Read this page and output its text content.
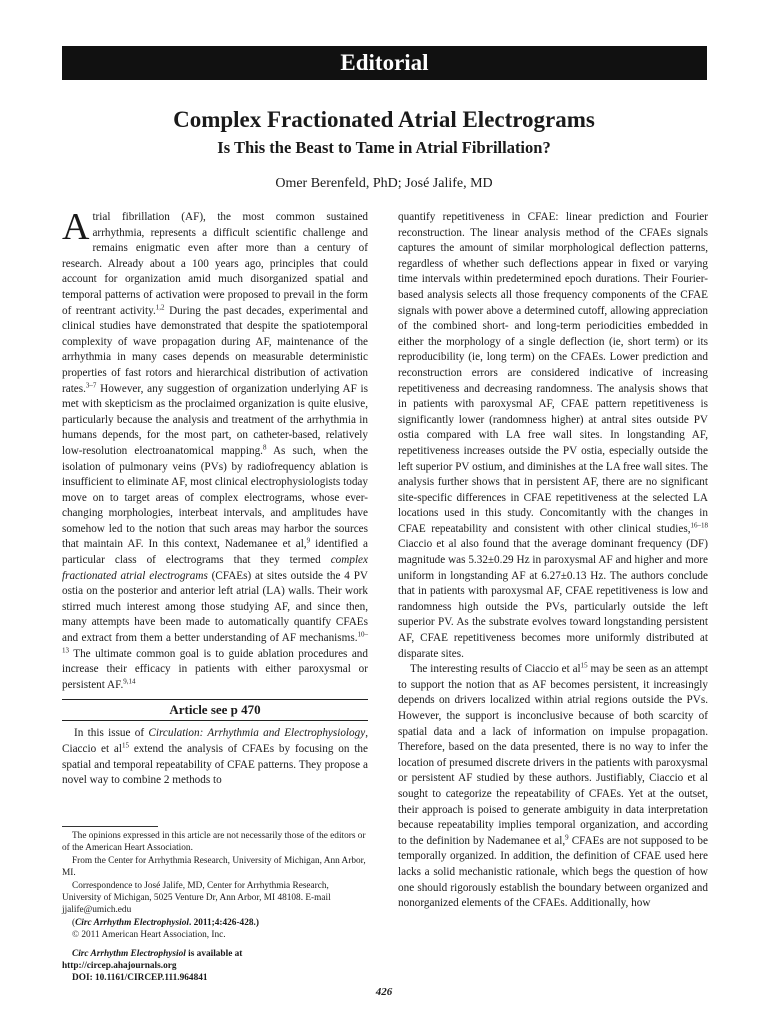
Editorial
Complex Fractionated Atrial Electrograms
Is This the Beast to Tame in Atrial Fibrillation?
Omer Berenfeld, PhD; José Jalife, MD

Atrial fibrillation (AF), the most common sustained arrhythmia, represents a difficult scientific challenge and remains enigmatic even after more than a century of research. Already about a 100 years ago, principles that could account for organization amid much disorganized spatial and temporal patterns of activation were proposed to prevail in the form of reentrant activity.$^{1,2}$ During the past decades, experimental and clinical studies have demonstrated that despite the spatiotemporal complexity of wave propagation during AF, maintenance of the arrhythmia in many cases depends on measurable deterministic properties of fast rotors and hierarchical distribution of activation rates.$^{3-7}$ However, any suggestion of organization underlying AF is met with skepticism as the proclaimed organization is quite elusive, particularly because the analysis and treatment of the arrhythmia in humans depends, for the most part, on catheter-based, relatively low-resolution electroanatomical mapping.$^8$ As such, when the isolation of pulmonary veins (PVs) by radiofrequency ablation is insufficient to eliminate AF, most clinical electrophysiologists today move on to target areas of complex electrograms, whose ever-changing morphologies, interbeat intervals, and amplitudes have somehow led to the notion that such areas may harbor the sources that maintain AF. In this context, Nademanee et al,$^9$ identified a particular class of electrograms that they termed complex fractionated atrial electrograms (CFAEs) at sites outside the 4 PV ostia on the posterior and anterior left atrial (LA) walls. Their work stirred much interest among those studying AF, and since then, many attempts have been made to automatically quantify CFAEs and extract from them a better understanding of AF mechanisms.$^{10-13}$ The ultimate common goal is to guide ablation procedures and increase their efficacy in patients with either paroxysmal or persistent AF.$^{9,14}$

Article see p 470

In this issue of Circulation: Arrhythmia and Electrophysiology, Ciaccio et $al^{15}$ extend the analysis of CFAEs by focusing on the spatial and temporal repeatability of CFAE patterns. They propose a novel way to combine 2 methods to

quantify repetitiveness in CFAE: linear prediction and Fourier reconstruction. The linear analysis method of the CFAEs signals captures the amount of similar morphological deflection patterns, regardless of whether such deflections appear in fixed or varying time intervals within predetermined epoch durations. Their Fourier-based analysis selects all those frequency components of the CFAE signals with power above a determined cutoff, allowing appreciation of the combined short- and long-term periodicities embedded in either the morphology of a single deflection (ie, short term) or its reproducibility (ie, long term) on the CFAEs. Lower prediction and reconstruction errors are considered indicative of increasing repetitiveness and decreasing randomness. The analysis shows that in patients with paroxysmal AF, CFAE pattern repetitiveness is significantly lower (randomness higher) at antral sites outside PV ostia compared with LA free wall sites. In longstanding AF, repetitiveness increases outside the PV ostia, especially outside the left superior PV ostium, and diminishes at the LA free wall sites. The analysis further shows that in persistent AF, there are no significant site-specific differences in CFAE repetitiveness at the selected LA locations used in this study. Concomitantly with the changes in CFAE repeatability and consistent with other clinical studies,$^{16-18}$ Ciaccio et al also found that the average dominant frequency (DF) magnitude was 5.32±0.29 Hz in paroxysmal AF and higher and more uniform in longstanding AF at 6.27±0.13 Hz. The authors conclude that in patients with paroxysmal AF, CFAE repetitiveness is low and randomness high outside the PVs, particularly outside the left superior PV. As the substrate evolves toward longstanding persistent AF, CFAE repetitiveness becomes more uniformly distributed at disparate sites.

The interesting results of Ciaccio et $al^{15}$ may be seen as an attempt to support the notion that as AF becomes persistent, it increasingly depends on drivers localized within atrial regions outside the PVs. However, the support is inconclusive because of both scarcity of spatial data and a lack of information on impulse propagation. Therefore, based on the data presented, there is no way to infer the location of presumed discrete drivers in the patients with paroxysmal or persistent AF studied by these authors. Justifiably, Ciaccio et al sought to categorize the repeatability of CFAEs. Yet at the outset, their approach is poised to generate ambiguity in data interpretation because repeatability implies temporal organization, and according to the definition by Nademanee et al,$^9$ CFAEs are not supposed to be temporally organized. In addition, the definition of CFAE used here lacks a solid mechanistic rationale, which begs the question of how one should rigorously establish the boundary between organized and nonorganized elements of the CFAEs. Additionally, how

The opinions expressed in this article are not necessarily those of the editors or of the American Heart Association.

From the Center for Arrhythmia Research, University of Michigan, Ann Arbor, MI.

Correspondence to José Jalife, MD, Center for Arrhythmia Research, University of Michigan, 5025 Venture Dr, Ann Arbor, MI 48108. E-mail jjalife@umich.edu

(Circ Arrhythm Electrophysiol. 2011;4:426-428.)

© 2011 American Heart Association, Inc.

Circ Arrhythm Electrophysiol is available at

http://circep.ahajournals.org

DOI: 10.1161/CIRCEP.111.964841

426
